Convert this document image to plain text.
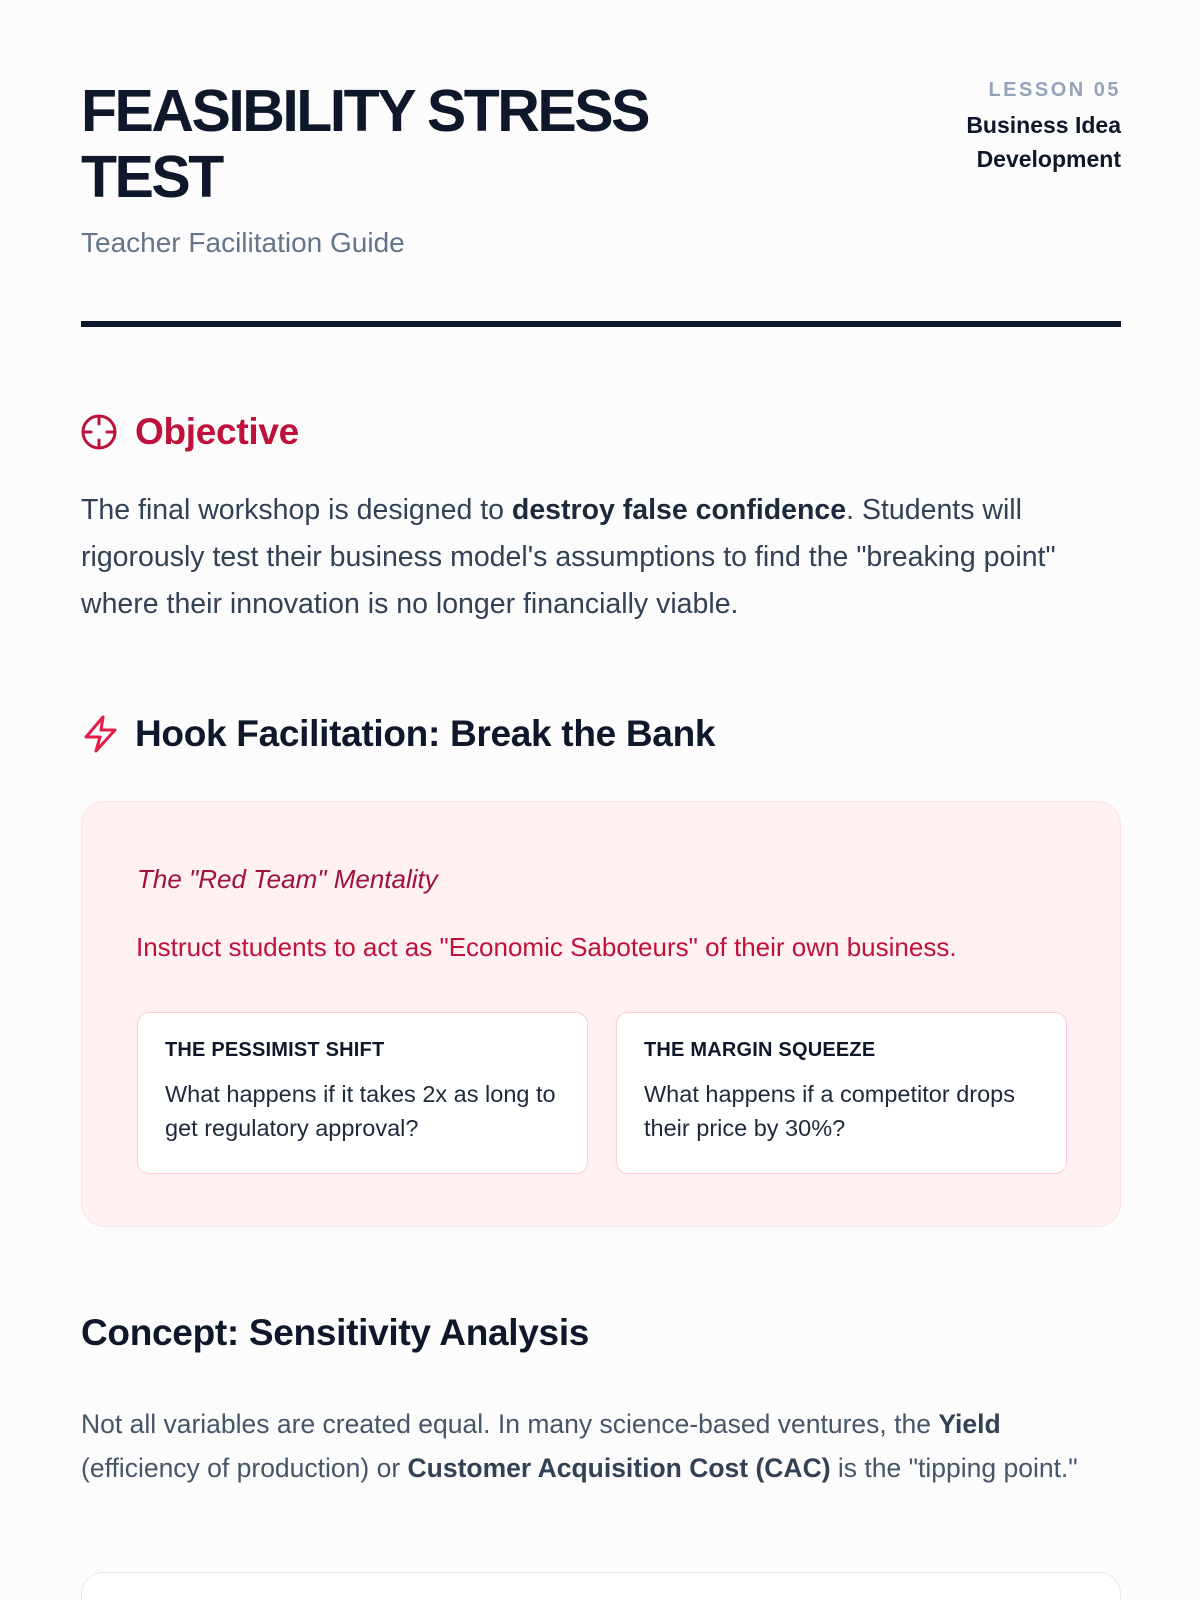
FEASIBILITY STRESS TEST
Teacher Facilitation Guide
LESSON 05
Business Idea Development
Objective

The final workshop is designed to destroy false confidence. Students will rigorously test their business model's assumptions to find the "breaking point" where their innovation is no longer financially viable.

Hook Facilitation: Break the Bank
The "Red Team" Mentality
Instruct students to act as "Economic Saboteurs" of their own business.
THE PESSIMIST SHIFT
What happens if it takes 2x as long to get regulatory approval?
THE MARGIN SQUEEZE
What happens if a competitor drops their price by 30%?
Concept: Sensitivity Analysis

Not all variables are created equal. In many science-based ventures, the Yield (efficiency of production) or Customer Acquisition Cost (CAC) is the "tipping point."
